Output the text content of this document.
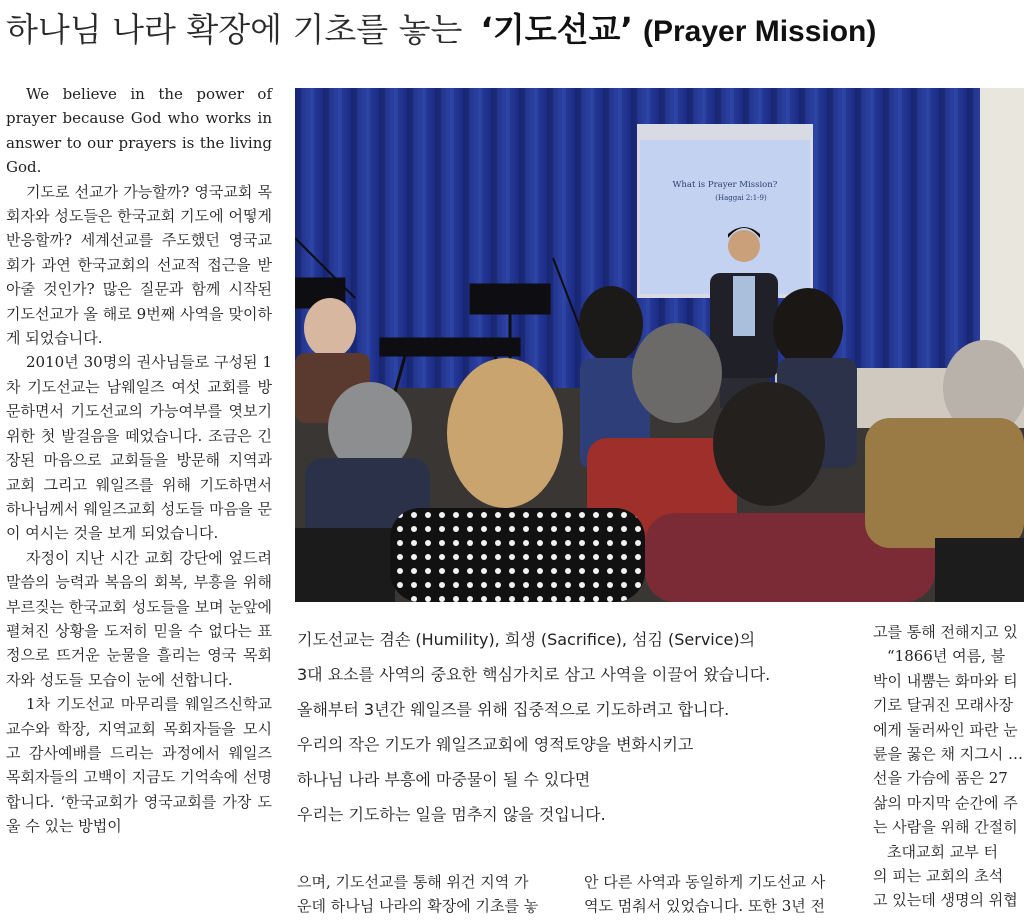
하나님 나라 확장에 기초를 놓는 ‘기도선교’ (Prayer Mission)

We believe in the power of prayer because God who works in answer to our prayers is the living God.

기도로 선교가 가능할까? 영국교회 목회자와 성도들은 한국교회 기도에 어떻게 반응할까? 세계선교를 주도했던 영국교회가 과연 한국교회의 선교적 접근을 받아줄 것인가? 많은 질문과 함께 시작된 기도선교가 올 해로 9번째 사역을 맞이하게 되었습니다.

2010년 30명의 권사님들로 구성된 1차 기도선교는 남웨일즈 여섯 교회를 방문하면서 기도선교의 가능여부를 엿보기 위한 첫 발걸음을 떼었습니다. 조금은 긴장된 마음으로 교회들을 방문해 지역과 교회 그리고 웨일즈를 위해 기도하면서 하나님께서 웨일즈교회 성도들 마음을 문이 여시는 것을 보게 되었습니다.

자정이 지난 시간 교회 강단에 엎드려 말씀의 능력과 복음의 회복, 부흥을 위해 부르짖는 한국교회 성도들을 보며 눈앞에 펼쳐진 상황을 도저히 믿을 수 없다는 표정으로 뜨거운 눈물을 흘리는 영국 목회자와 성도들 모습이 눈에 선합니다.

1차 기도선교 마무리를 웨일즈신학교 교수와 학장, 지역교회 목회자들을 모시고 감사예배를 드리는 과정에서 웨일즈 목회자들의 고백이 지금도 기억속에 선명합니다. ‘한국교회가 영국교회를 가장 도울 수 있는 방법이

What is Prayer Mission?
(Haggai 2:1-9)
기도선교는 겸손 (Humility), 희생 (Sacrifice), 섬김 (Service)의
3대 요소를 사역의 중요한 핵심가치로 삼고 사역을 이끌어 왔습니다.
올해부터 3년간 웨일즈를 위해 집중적으로 기도하려고 합니다.
우리의 작은 기도가 웨일즈교회에 영적토양을 변화시키고
하나님 나라 부흥에 마중물이 될 수 있다면
우리는 기도하는 일을 멈추지 않을 것입니다.
고를 통해 전해지고 있
“1866년 여름, 불
박이 내뿜는 화마와 티
기로 달궈진 모래사장
에게 둘러싸인 파란 눈
륜을 꿇은 채 지그시 …
선을 가슴에 품은 27
삶의 마지막 순간에 주
는 사람을 위해 간절히
초대교회 교부 터
의 피는 교회의 초석
고 있는데 생명의 위협
으며, 기도선교를 통해 위건 지역 가
운데 하나님 나라의 확장에 기초를 놓
안 다른 사역과 동일하게 기도선교 사
역도 멈춰서 있었습니다. 또한 3년 전
